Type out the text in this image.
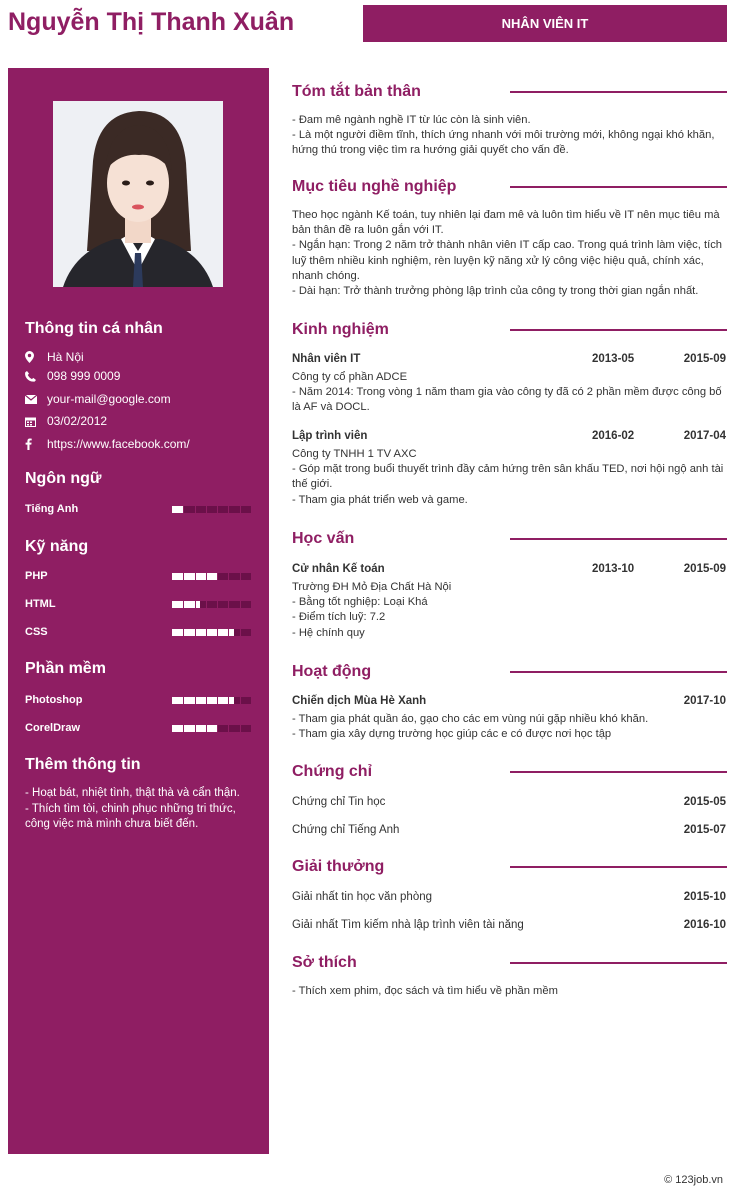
Nguyễn Thị Thanh Xuân	NHÂN VIÊN IT
Thông tin cá nhân
Hà Nội
098 999 0009
your-mail@google.com
03/02/2012
https://www.facebook.com/
Ngôn ngữ
Tiếng Anh
Kỹ năng
PHP
HTML
CSS
Phần mềm
Photoshop
CorelDraw
Thêm thông tin
- Hoạt bát, nhiệt tình, thật thà và cẩn thận.
- Thích tìm tòi, chinh phục những tri thức, công việc mà mình chưa biết đến.
Tóm tắt bản thân
- Đam mê ngành nghề IT từ lúc còn là sinh viên.
- Là một người điềm tĩnh, thích ứng nhanh với môi trường mới, không ngại khó khăn, hứng thú trong việc tìm ra hướng giải quyết cho vấn đề.
Mục tiêu nghề nghiệp
Theo học ngành Kế toán, tuy nhiên lại đam mê và luôn tìm hiểu về IT nên mục tiêu mà bản thân đề ra luôn gắn với IT.
- Ngắn hạn: Trong 2 năm trở thành nhân viên IT cấp cao. Trong quá trình làm việc, tích luỹ thêm nhiều kinh nghiệm, rèn luyện kỹ năng xử lý công việc hiệu quả, chính xác, nhanh chóng.
- Dài hạn: Trở thành trưởng phòng lập trình của công ty trong thời gian ngắn nhất.
Kinh nghiệm
Nhân viên IT	2013-05	2015-09
Công ty cổ phần ADCE
- Năm 2014: Trong vòng 1 năm tham gia vào công ty đã có 2 phần mềm được công bố là AF và DOCL.
Lập trình viên	2016-02	2017-04
Công ty TNHH 1 TV AXC
- Góp mặt trong buổi thuyết trình đầy cảm hứng trên sân khấu TED, nơi hội ngộ anh tài thế giới.
- Tham gia phát triển web và game.
Học vấn
Cử nhân Kế toán	2013-10	2015-09
Trường ĐH Mỏ Địa Chất Hà Nội
- Bằng tốt nghiệp: Loại Khá
- Điểm tích luỹ: 7.2
- Hệ chính quy
Hoạt động
Chiến dịch Mùa Hè Xanh	2017-10
- Tham gia phát quần áo, gạo cho các em vùng núi gặp nhiều khó khăn.
- Tham gia xây dựng trường học giúp các e có được nơi học tập
Chứng chỉ
Chứng chỉ Tin học	2015-05
Chứng chỉ Tiếng Anh	2015-07
Giải thưởng
Giải nhất tin học văn phòng	2015-10
Giải nhất Tìm kiếm nhà lập trình viên tài năng	2016-10
Sở thích
- Thích xem phim, đọc sách và tìm hiểu về phần mềm
© 123job.vn
